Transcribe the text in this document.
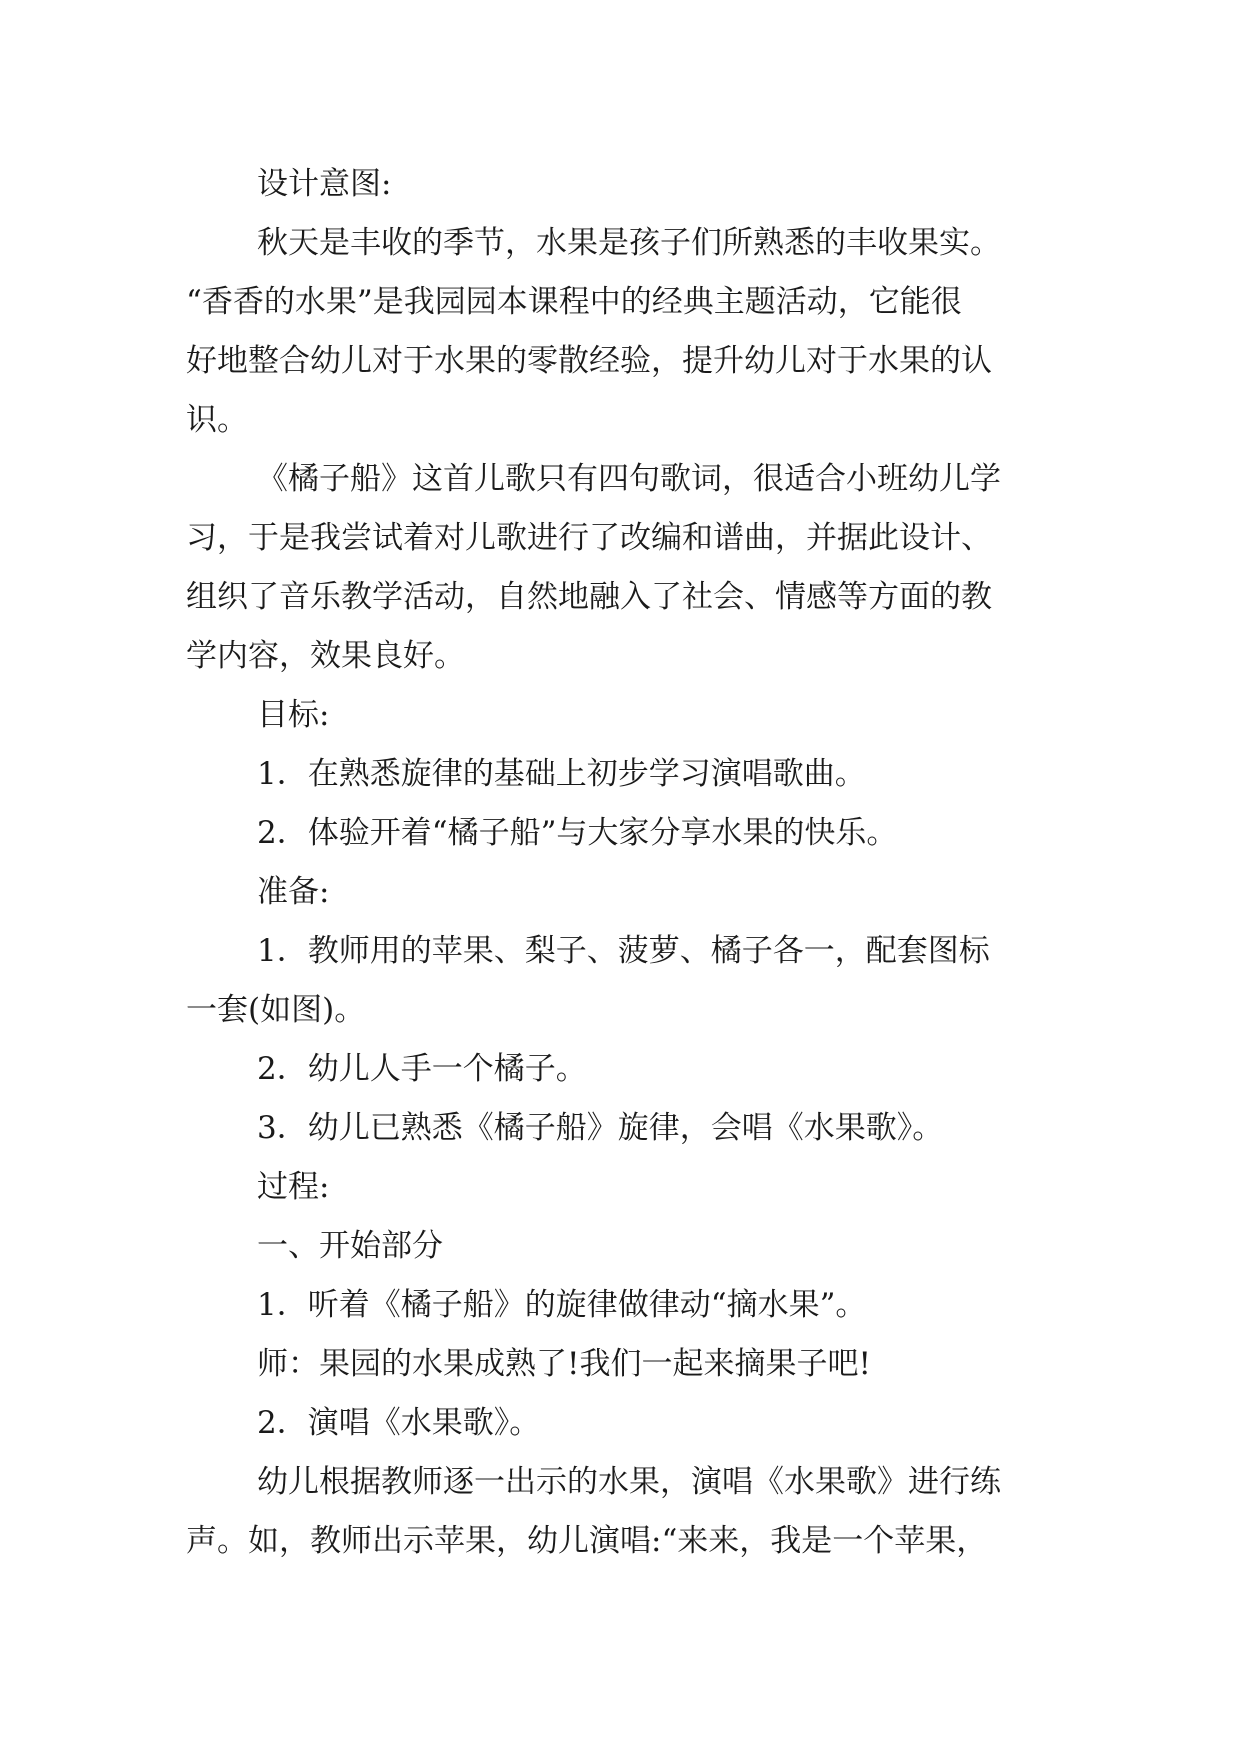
设计意图:
秋天是丰收的季节，水果是孩子们所熟悉的丰收果实。
“香香的水果”是我园园本课程中的经典主题活动，它能很
好地整合幼儿对于水果的零散经验，提升幼儿对于水果的认
识。
《橘子船》这首儿歌只有四句歌词，很适合小班幼儿学
习，于是我尝试着对儿歌进行了改编和谱曲，并据此设计、
组织了音乐教学活动，自然地融入了社会、情感等方面的教
学内容，效果良好。
目标:
1．在熟悉旋律的基础上初步学习演唱歌曲。
2．体验开着“橘子船”与大家分享水果的快乐。
准备:
1．教师用的苹果、梨子、菠萝、橘子各一，配套图标
一套(如图)。
2．幼儿人手一个橘子。
3．幼儿已熟悉《橘子船》旋律，会唱《水果歌》。
过程:
一、开始部分
1．听着《橘子船》的旋律做律动“摘水果”。
师：果园的水果成熟了!我们一起来摘果子吧!
2．演唱《水果歌》。
幼儿根据教师逐一出示的水果，演唱《水果歌》进行练
声。如，教师出示苹果，幼儿演唱:“来来，我是一个苹果，
